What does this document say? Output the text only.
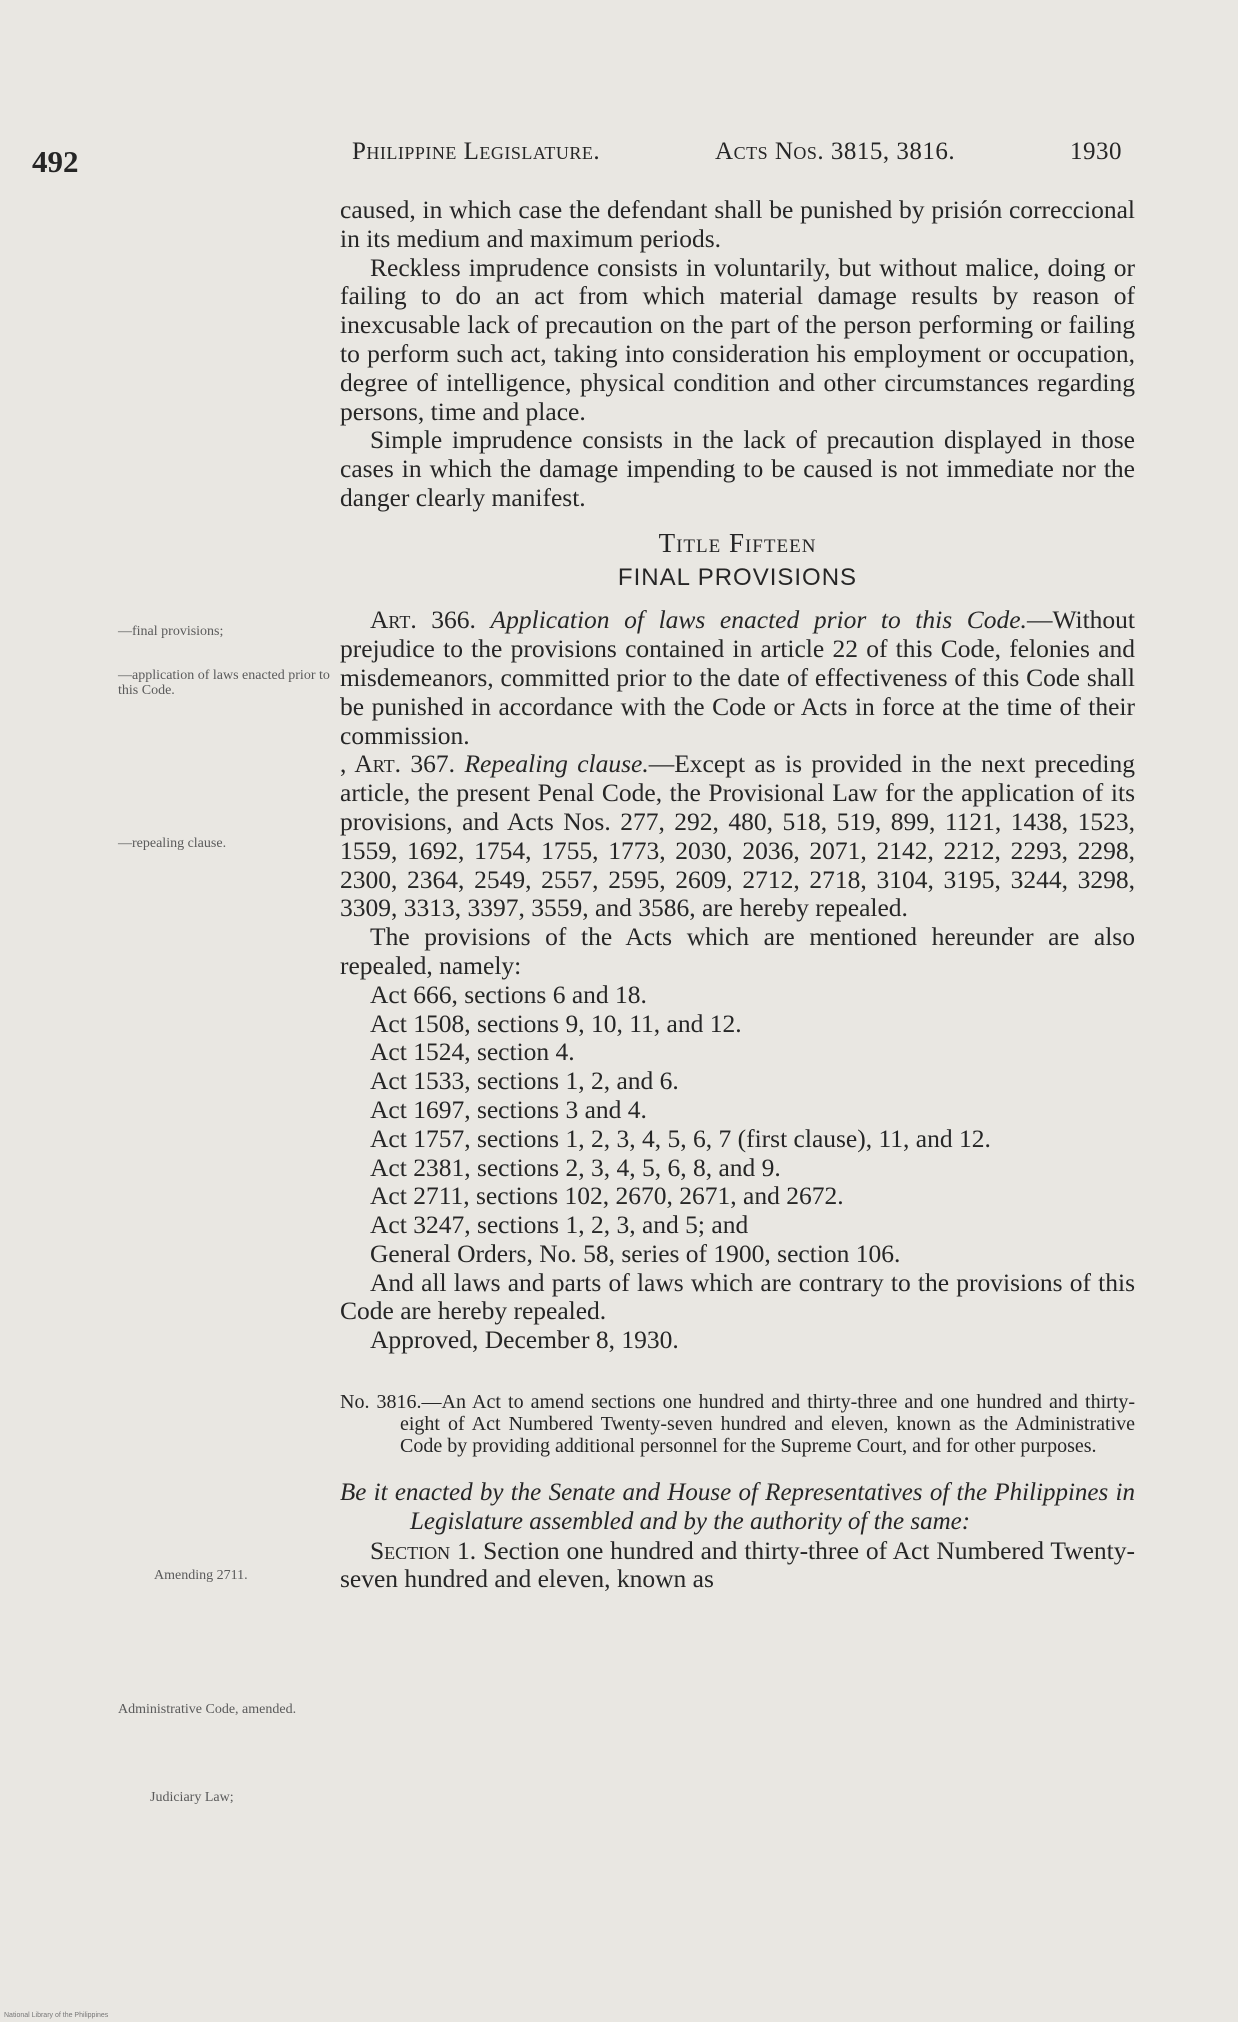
492	Philippine Legislature.	Acts Nos. 3815, 3816.	1930
—final provisions;
—application of laws enacted prior to this Code.
—repealing clause.
Amending 2711.
Administrative Code, amended.
Judiciary Law;

caused, in which case the defendant shall be punished by prisión correccional in its medium and maximum periods.

Reckless imprudence consists in voluntarily, but without malice, doing or failing to do an act from which material damage results by reason of inexcusable lack of precaution on the part of the person performing or failing to perform such act, taking into consideration his employment or occupation, degree of intelligence, physical condition and other circumstances regarding persons, time and place.

Simple imprudence consists in the lack of precaution displayed in those cases in which the damage impending to be caused is not immediate nor the danger clearly manifest.

Title Fifteen
FINAL PROVISIONS

Art. 366. Application of laws enacted prior to this Code.—Without prejudice to the provisions contained in article 22 of this Code, felonies and misdemeanors, committed prior to the date of effectiveness of this Code shall be punished in accordance with the Code or Acts in force at the time of their commission.

, Art. 367. Repealing clause.—Except as is provided in the next preceding article, the present Penal Code, the Provisional Law for the application of its provisions, and Acts Nos. 277, 292, 480, 518, 519, 899, 1121, 1438, 1523, 1559, 1692, 1754, 1755, 1773, 2030, 2036, 2071, 2142, 2212, 2293, 2298, 2300, 2364, 2549, 2557, 2595, 2609, 2712, 2718, 3104, 3195, 3244, 3298, 3309, 3313, 3397, 3559, and 3586, are hereby repealed.

The provisions of the Acts which are mentioned hereunder are also repealed, namely:

Act 666, sections 6 and 18.

Act 1508, sections 9, 10, 11, and 12.

Act 1524, section 4.

Act 1533, sections 1, 2, and 6.

Act 1697, sections 3 and 4.

Act 1757, sections 1, 2, 3, 4, 5, 6, 7 (first clause), 11, and 12.

Act 2381, sections 2, 3, 4, 5, 6, 8, and 9.

Act 2711, sections 102, 2670, 2671, and 2672.

Act 3247, sections 1, 2, 3, and 5; and

General Orders, No. 58, series of 1900, section 106.

And all laws and parts of laws which are contrary to the provisions of this Code are hereby repealed.

Approved, December 8, 1930.

No. 3816.—An Act to amend sections one hundred and thirty-three and one hundred and thirty-eight of Act Numbered Twenty-seven hundred and eleven, known as the Administrative Code by providing additional personnel for the Supreme Court, and for other purposes.

Be it enacted by the Senate and House of Representatives of the Philippines in Legislature assembled and by the authority of the same:

Section 1. Section one hundred and thirty-three of Act Numbered Twenty-seven hundred and eleven, known as

National Library of the Philippines
